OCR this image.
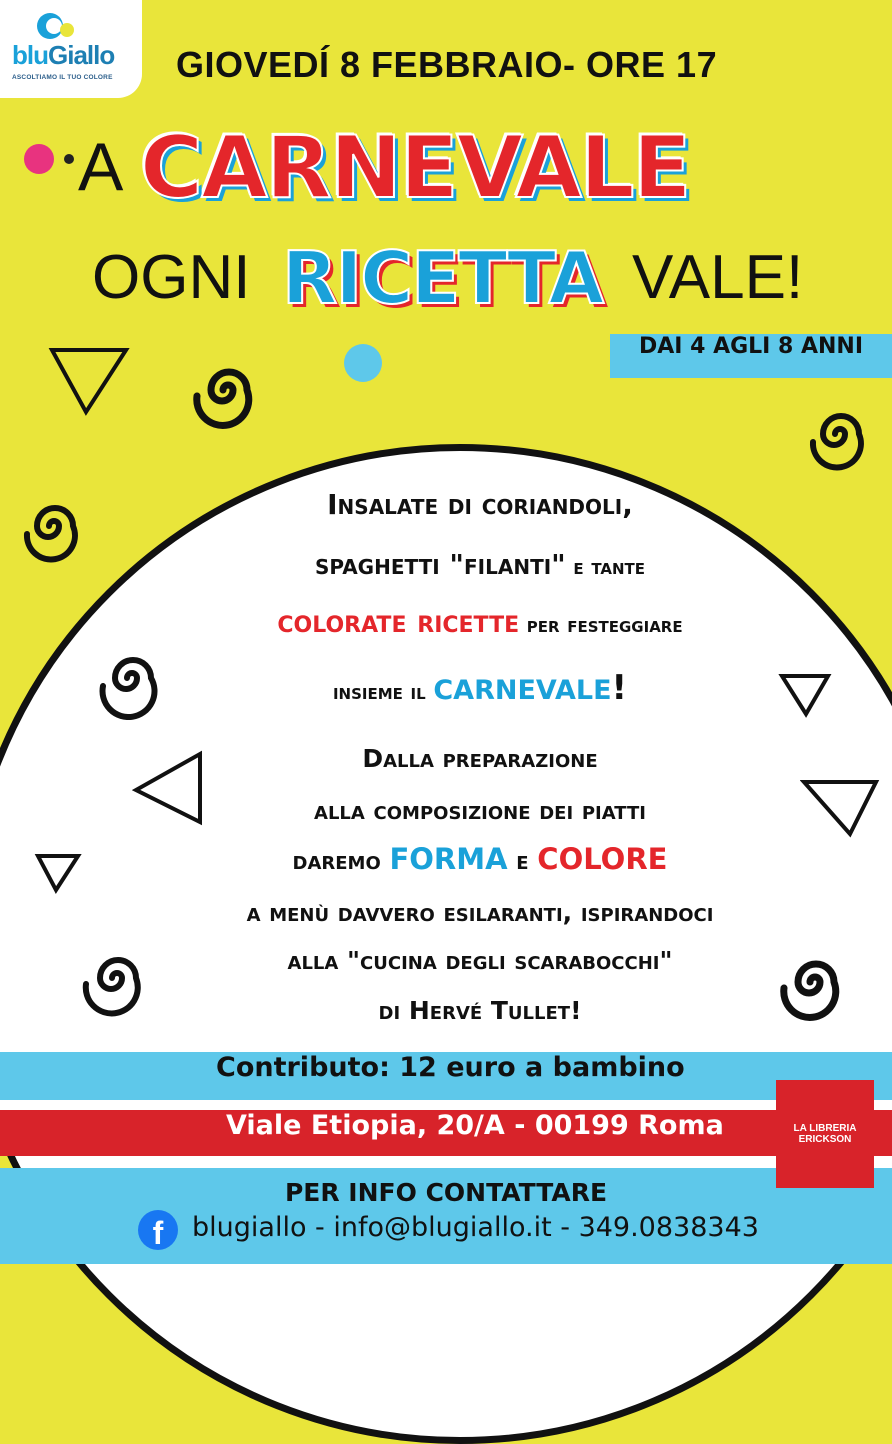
bluGiallo
ASCOLTIAMO IL TUO COLORE GIOVEDÍ 8 FEBBRAIO- ORE 17
A CARNEVALE
OGNI RICETTA VALE!
DAI 4 AGLI 8 ANNI
Insalate di coriandoli,
spaghetti "filanti" e tante
colorate ricette per festeggiare
insieme il carnevale!
Dalla preparazione
alla composizione dei piatti
daremo FORMA e COLORE
a menù davvero esilaranti, ispirandoci
alla "cucina degli scarabocchi"
di Hervé Tullet!
Contributo: 12 euro a bambino
Viale Etiopia, 20/A - 00199 Roma
PER INFO CONTATTARE
f	blugiallo - info@blugiallo.it - 349.0838343
LA LIBRERIA
ERICKSON
